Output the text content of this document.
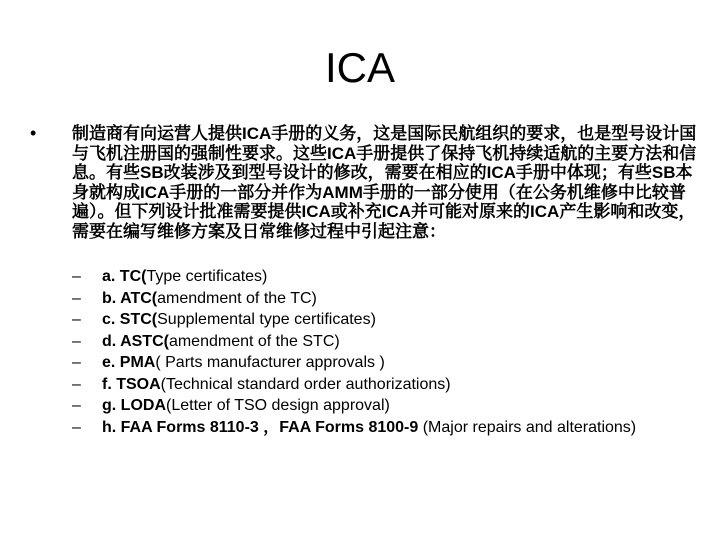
ICA
• 制造商有向运营人提供ICA手册的义务，这是国际民航组织的要求，也是型号设计国与飞机注册国的强制性要求。这些ICA手册提供了保持飞机持续适航的主要方法和信息。有些SB改装涉及到型号设计的修改，需要在相应的ICA手册中体现；有些SB本身就构成ICA手册的一部分并作为AMM手册的一部分使用（在公务机维修中比较普遍）。但下列设计批准需要提供ICA或补充ICA并可能对原来的ICA产生影响和改变，需要在编写维修方案及日常维修过程中引起注意：
– a. TC(Type certificates)
– b. ATC(amendment of the TC)
– c. STC(Supplemental type certificates)
– d. ASTC(amendment of the STC)
– e. PMA( Parts manufacturer approvals )
– f. TSOA(Technical standard order authorizations)
– g. LODA(Letter of TSO design approval)
– h. FAA Forms 8110-3 ，FAA Forms 8100-9 (Major repairs and alterations)
